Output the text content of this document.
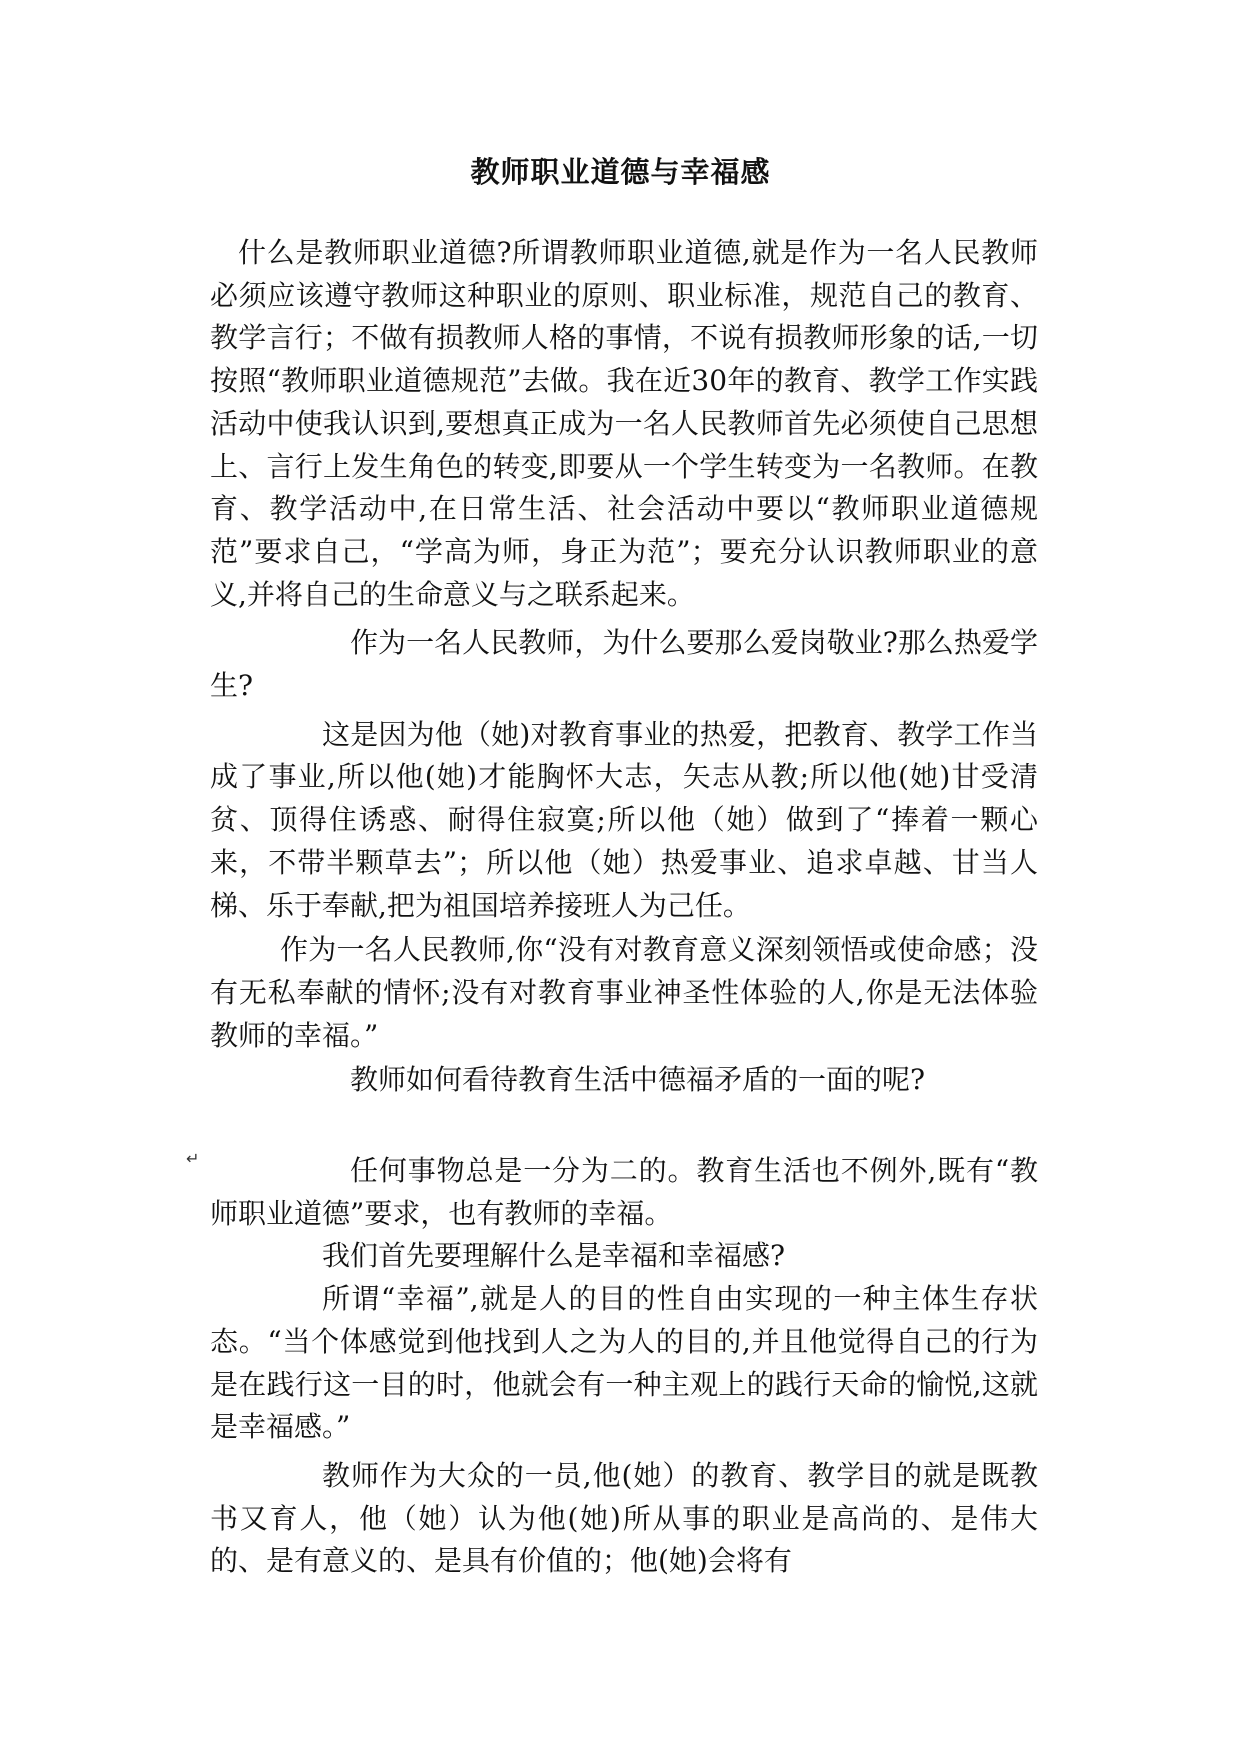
教师职业道德与幸福感

什么是教师职业道德?所谓教师职业道德,就是作为一名人民教师必须应该遵守教师这种职业的原则、职业标准，规范自己的教育、教学言行；不做有损教师人格的事情，不说有损教师形象的话,一切按照“教师职业道德规范”去做。我在近30年的教育、教学工作实践活动中使我认识到,要想真正成为一名人民教师首先必须使自己思想上、言行上发生角色的转变,即要从一个学生转变为一名教师。在教育、教学活动中,在日常生活、社会活动中要以“教师职业道德规范”要求自己，“学高为师，身正为范”；要充分认识教师职业的意义,并将自己的生命意义与之联系起来。

作为一名人民教师，为什么要那么爱岗敬业?那么热爱学生?

这是因为他（她)对教育事业的热爱，把教育、教学工作当成了事业,所以他(她)才能胸怀大志，矢志从教;所以他(她)甘受清贫、顶得住诱惑、耐得住寂寞;所以他（她）做到了“捧着一颗心来，不带半颗草去”；所以他（她）热爱事业、追求卓越、甘当人梯、乐于奉献,把为祖国培养接班人为己任。

作为一名人民教师,你“没有对教育意义深刻领悟或使命感；没有无私奉献的情怀;没有对教育事业神圣性体验的人,你是无法体验教师的幸福。”

教师如何看待教育生活中德福矛盾的一面的呢?

任何事物总是一分为二的。教育生活也不例外,既有“教师职业道德”要求，也有教师的幸福。

我们首先要理解什么是幸福和幸福感?

所谓“幸福”,就是人的目的性自由实现的一种主体生存状态。“当个体感觉到他找到人之为人的目的,并且他觉得自己的行为是在践行这一目的时，他就会有一种主观上的践行天命的愉悦,这就是幸福感。”

教师作为大众的一员,他(她）的教育、教学目的就是既教书又育人，他（她）认为他(她)所从事的职业是高尚的、是伟大的、是有意义的、是具有价值的；他(她)会将有

↵
